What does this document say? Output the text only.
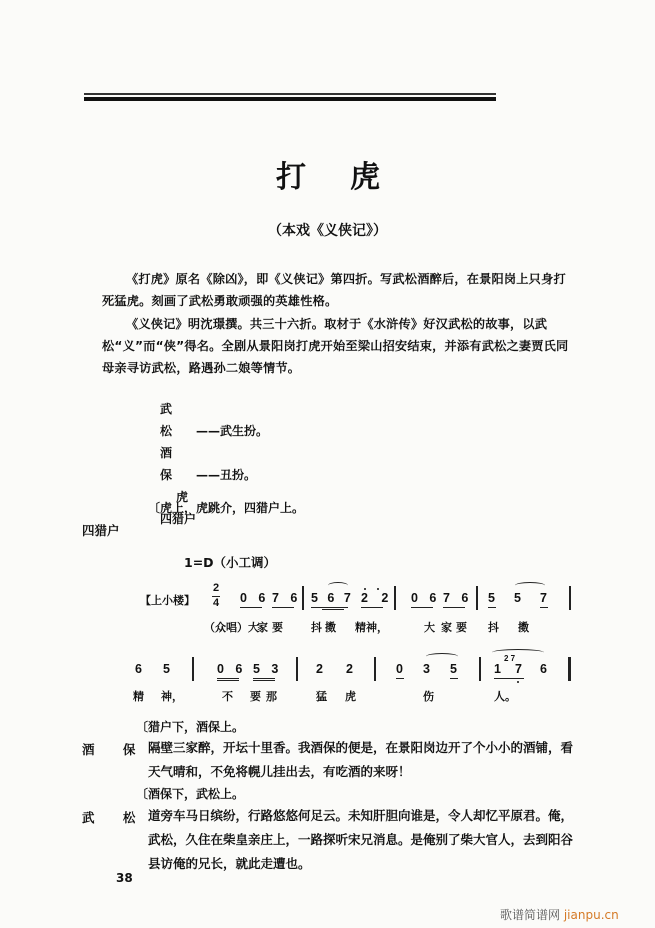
打 虎
（本戏《义侠记》）
《打虎》原名《除凶》，即《义侠记》第四折。写武松酒醉后，在景阳岗上只身打死猛虎。刻画了武松勇敢顽强的英雄性格。
《义侠记》明沈璟撰。共三十六折。取材于《水浒传》好汉武松的故事，以武松“义”而“侠”得名。全剧从景阳岗打虎开始至梁山招安结束，并添有武松之妻贾氏同母亲寻访武松，路遇孙二娘等情节。
武 松 ——武生扮。
酒 保 ——丑扮。
虎
四猎户
〔虎上，虎跳介，四猎户上。
四猎户
1=D（小工调）
【上小楼】
2
4 0 6 7 6 5 6 7 2 2 0 6 7 6 5 5 7
（众唱）大
家要 抖擞 精神，	大 家要 抖 擞
6 5	0 6 5 3	2 2	0 3 5	1
2 7
7 6
精 神，	不 要那	猛 虎	伤	人。
〔猎户下，酒保上。
酒 保 隔壁三家醉，开坛十里香。我酒保的便是，在景阳岗边开了个小小的酒铺，看
天气晴和，不免将幌儿挂出去，有吃酒的来呀！
〔酒保下，武松上。
武 松 道旁车马日缤纷，行路悠悠何足云。未知肝胆向谁是，令人却忆平原君。俺，
武松，久住在柴皇亲庄上，一路探听宋兄消息。是俺别了柴大官人，去到阳谷
县访俺的兄长，就此走遭也。
38
歌谱简谱网 jianpu.cn
